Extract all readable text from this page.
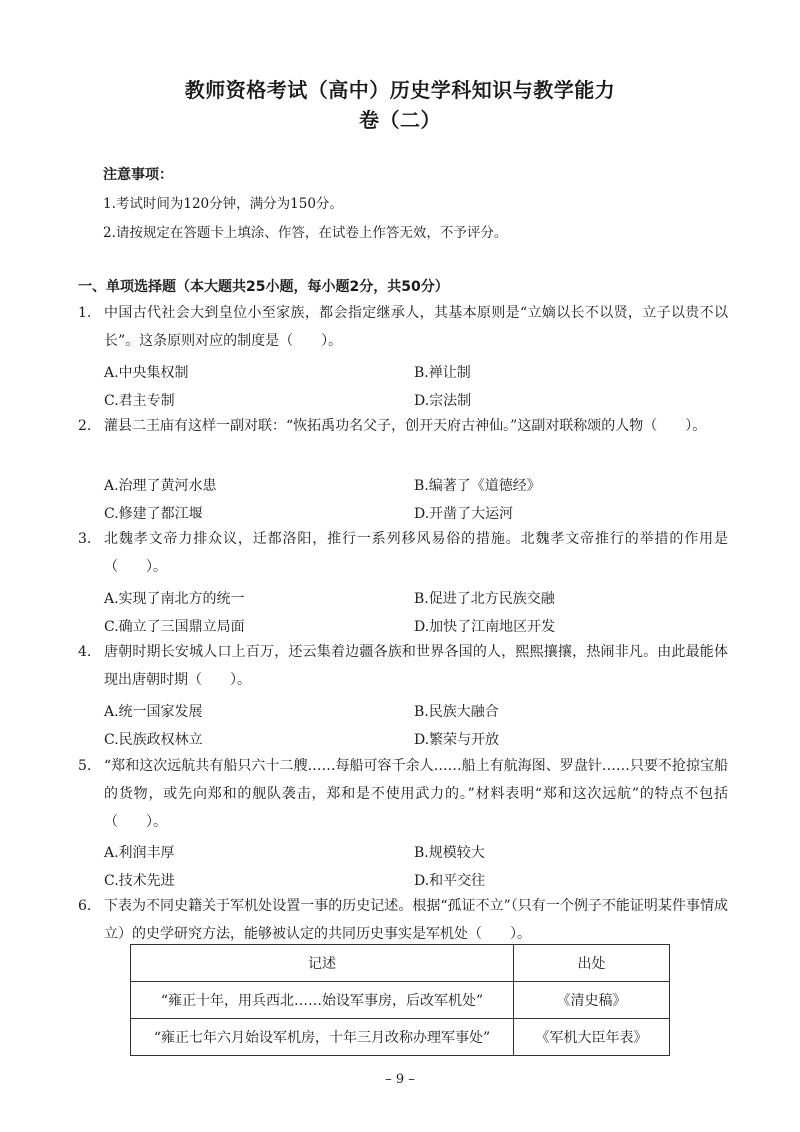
教师资格考试（高中）历史学科知识与教学能力
卷（二）
注意事项：
1.考试时间为120分钟，满分为150分。
2.请按规定在答题卡上填涂、作答，在试卷上作答无效，不予评分。
一、单项选择题（本大题共25小题，每小题2分，共50分）
1. 中国古代社会大到皇位小至家族，都会指定继承人，其基本原则是“立嫡以长不以贤，立子以贵不以长”。这条原则对应的制度是（　　）。
A.中央集权制	B.禅让制
C.君主专制	D.宗法制
2. 灌县二王庙有这样一副对联：“恢拓禹功名父子，创开天府古神仙。”这副对联称颂的人物（　　）。
A.治理了黄河水患	B.编著了《道德经》
C.修建了都江堰	D.开凿了大运河
3. 北魏孝文帝力排众议，迁都洛阳，推行一系列移风易俗的措施。北魏孝文帝推行的举措的作用是（　　）。
A.实现了南北方的统一	B.促进了北方民族交融
C.确立了三国鼎立局面	D.加快了江南地区开发
4. 唐朝时期长安城人口上百万，还云集着边疆各族和世界各国的人，熙熙攘攘，热闹非凡。由此最能体现出唐朝时期（　　）。
A.统一国家发展	B.民族大融合
C.民族政权林立	D.繁荣与开放
5. “郑和这次远航共有船只六十二艘……每船可容千余人……船上有航海图、罗盘针……只要不抢掠宝船的货物，或先向郑和的舰队袭击，郑和是不使用武力的。”材料表明“郑和这次远航”的特点不包括（　　）。
A.利润丰厚	B.规模较大
C.技术先进	D.和平交往
6. 下表为不同史籍关于军机处设置一事的历史记述。根据“孤证不立”（只有一个例子不能证明某件事情成立）的史学研究方法，能够被认定的共同历史事实是军机处（　　）。
记述	出处
“雍正十年，用兵西北……始设军事房，后改军机处”	《清史稿》
“雍正七年六月始设军机房，十年三月改称办理军事处”	《军机大臣年表》
– 9 –
